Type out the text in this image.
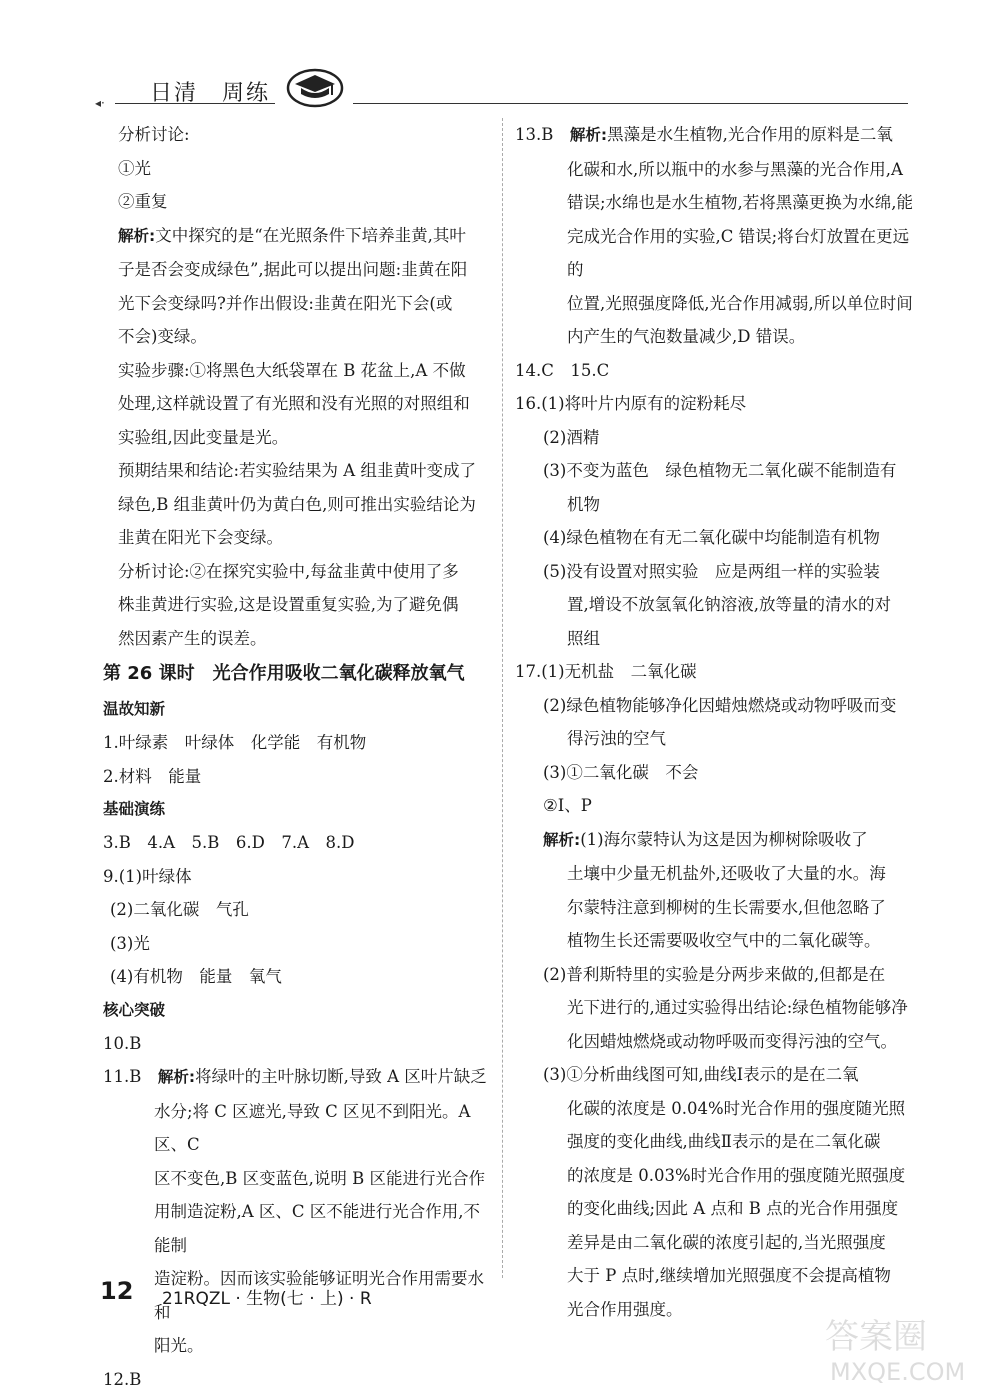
◂· 日清　周练

分析讨论:

①光

②重复

解析:文中探究的是“在光照条件下培养韭黄,其叶

子是否会变成绿色”,据此可以提出问题:韭黄在阳

光下会变绿吗?并作出假设:韭黄在阳光下会(或

不会)变绿。

实验步骤:①将黑色大纸袋罩在 B 花盆上,A 不做

处理,这样就设置了有光照和没有光照的对照组和

实验组,因此变量是光。

预期结果和结论:若实验结果为 A 组韭黄叶变成了

绿色,B 组韭黄叶仍为黄白色,则可推出实验结论为

韭黄在阳光下会变绿。

分析讨论:②在探究实验中,每盆韭黄中使用了多

株韭黄进行实验,这是设置重复实验,为了避免偶

然因素产生的误差。

第 26 课时　光合作用吸收二氧化碳释放氧气

温故知新

1.叶绿素　叶绿体　化学能　有机物

2.材料　能量

基础演练

3.B　4.A　5.B　6.D　7.A　8.D

9.(1)叶绿体

(2)二氧化碳　气孔

(3)光

(4)有机物　能量　氧气

核心突破

10.B

11.B　解析:将绿叶的主叶脉切断,导致 A 区叶片缺乏

水分;将 C 区遮光,导致 C 区见不到阳光。A 区、C

区不变色,B 区变蓝色,说明 B 区能进行光合作

用制造淀粉,A 区、C 区不能进行光合作用,不能制

造淀粉。因而该实验能够证明光合作用需要水和

阳光。

12.B

13.B　解析:黑藻是水生植物,光合作用的原料是二氧

化碳和水,所以瓶中的水参与黑藻的光合作用,A

错误;水绵也是水生植物,若将黑藻更换为水绵,能

完成光合作用的实验,C 错误;将台灯放置在更远的

位置,光照强度降低,光合作用减弱,所以单位时间

内产生的气泡数量减少,D 错误。

14.C　15.C

16.(1)将叶片内原有的淀粉耗尽

(2)酒精

(3)不变为蓝色　绿色植物无二氧化碳不能制造有

机物

(4)绿色植物在有无二氧化碳中均能制造有机物

(5)没有设置对照实验　应是两组一样的实验装

置,增设不放氢氧化钠溶液,放等量的清水的对

照组

17.(1)无机盐　二氧化碳

(2)绿色植物能够净化因蜡烛燃烧或动物呼吸而变

得污浊的空气

(3)①二氧化碳　不会

②Ⅰ、P

解析:(1)海尔蒙特认为这是因为柳树除吸收了

土壤中少量无机盐外,还吸收了大量的水。海

尔蒙特注意到柳树的生长需要水,但他忽略了

植物生长还需要吸收空气中的二氧化碳等。

(2)普利斯特里的实验是分两步来做的,但都是在

光下进行的,通过实验得出结论:绿色植物能够净

化因蜡烛燃烧或动物呼吸而变得污浊的空气。

(3)①分析曲线图可知,曲线Ⅰ表示的是在二氧

化碳的浓度是 0.04%时光合作用的强度随光照

强度的变化曲线,曲线Ⅱ表示的是在二氧化碳

的浓度是 0.03%时光合作用的强度随光照强度

的变化曲线;因此 A 点和 B 点的光合作用强度

差异是由二氧化碳的浓度引起的,当光照强度

大于 P 点时,继续增加光照强度不会提高植物

光合作用强度。

12 21RQZL · 生物(七 · 上) · R
答案圈
MXQE.COM
